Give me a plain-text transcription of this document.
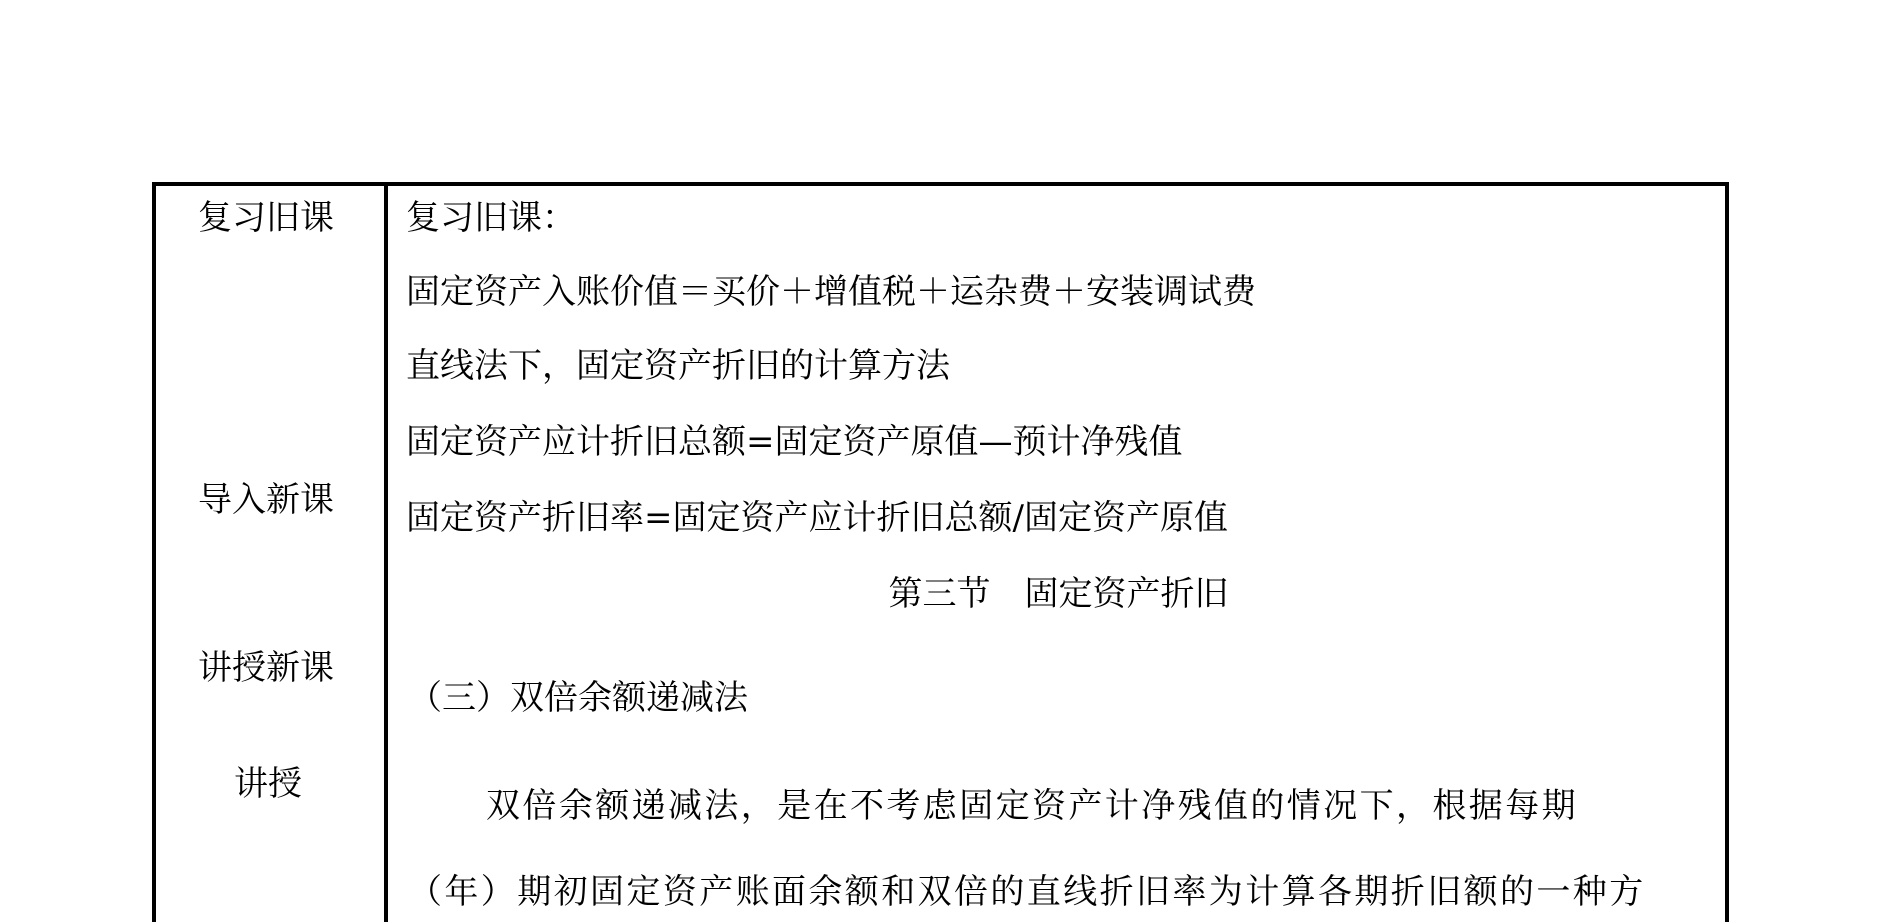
复习旧课
导入新课
讲授新课
讲授
复习旧课：
固定资产入账价值＝买价＋增值税＋运杂费＋安装调试费
直线法下，固定资产折旧的计算方法
固定资产应计折旧总额=固定资产原值—预计净残值
固定资产折旧率=固定资产应计折旧总额/固定资产原值
第三节　固定资产折旧
（三）双倍余额递减法
双倍余额递减法，是在不考虑固定资产计净残值的情况下，根据每期
（年）期初固定资产账面余额和双倍的直线折旧率为计算各期折旧额的一种方
